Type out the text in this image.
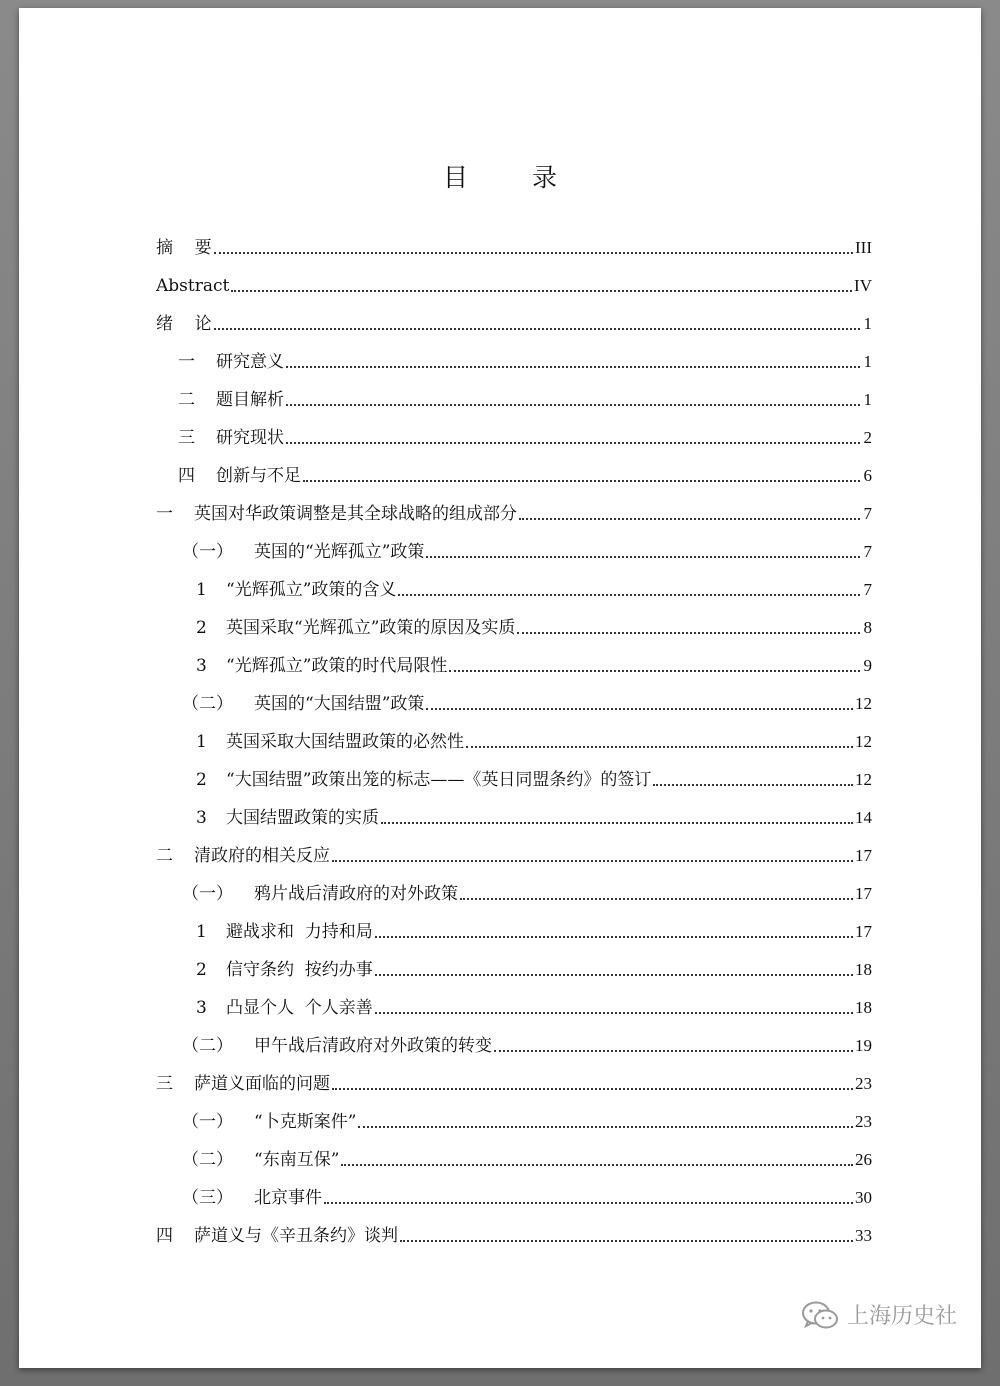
目 录
摘    要	III
Abstract	IV
绪    论	1
一	研究意义	1
二	题目解析	1
三	研究现状	2
四	创新与不足	6
一	英国对华政策调整是其全球战略的组成部分	7
（一）	英国的“光辉孤立”政策	7
1	“光辉孤立”政策的含义	7
2	英国采取“光辉孤立”政策的原因及实质	8
3	“光辉孤立”政策的时代局限性	9
（二）	英国的“大国结盟”政策	12
1	英国采取大国结盟政策的必然性	12
2	“大国结盟”政策出笼的标志——《英日同盟条约》的签订	12
3	大国结盟政策的实质	14
二	清政府的相关反应	17
（一）	鸦片战后清政府的对外政策	17
1	避战求和  力持和局	17
2	信守条约  按约办事	18
3	凸显个人  个人亲善	18
（二）	甲午战后清政府对外政策的转变	19
三	萨道义面临的问题	23
（一）	“卜克斯案件”	23
（二）	“东南互保”	26
（三）	北京事件	30
四	萨道义与《辛丑条约》谈判	33
上海历史社
